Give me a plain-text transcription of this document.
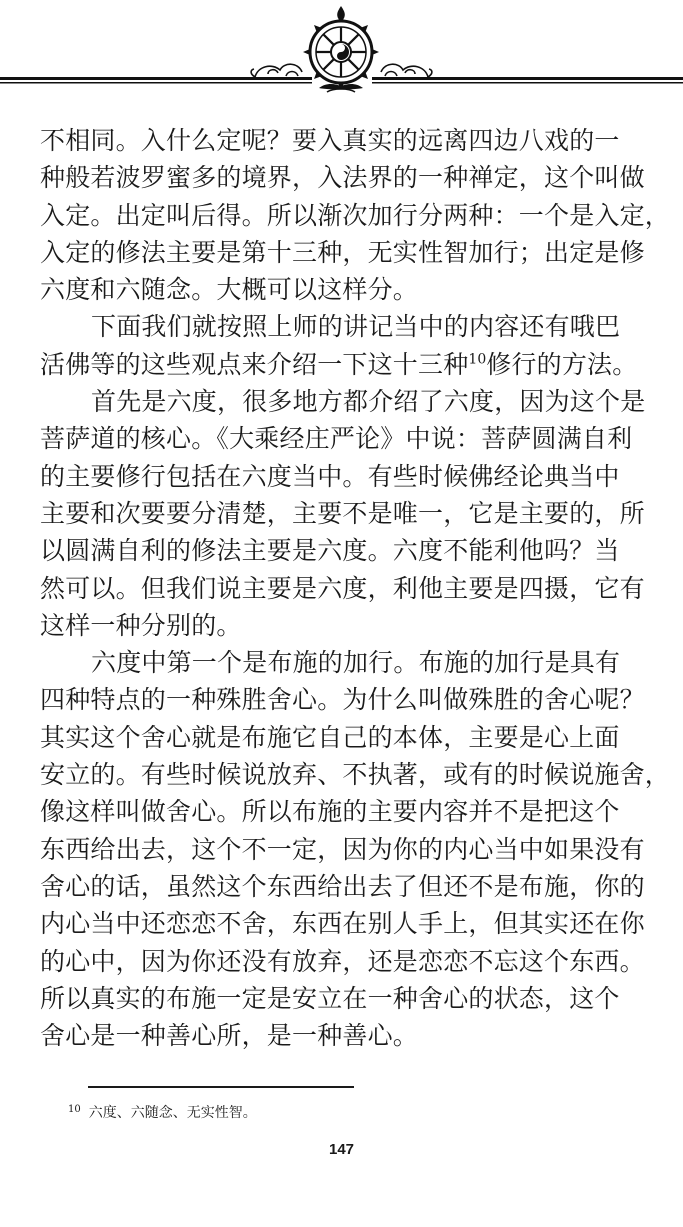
不相同。入什么定呢？要入真实的远离四边八戏的一
种般若波罗蜜多的境界，入法界的一种禅定，这个叫做
入定。出定叫后得。所以渐次加行分两种：一个是入定，
入定的修法主要是第十三种，无实性智加行；出定是修
六度和六随念。大概可以这样分。

下面我们就按照上师的讲记当中的内容还有哦巴
活佛等的这些观点来介绍一下这十三种$^{10}$修行的方法。

首先是六度，很多地方都介绍了六度，因为这个是
菩萨道的核心。《大乘经庄严论》中说：菩萨圆满自利
的主要修行包括在六度当中。有些时候佛经论典当中
主要和次要要分清楚，主要不是唯一，它是主要的，所
以圆满自利的修法主要是六度。六度不能利他吗？当
然可以。但我们说主要是六度，利他主要是四摄，它有
这样一种分别的。

六度中第一个是布施的加行。布施的加行是具有
四种特点的一种殊胜舍心。为什么叫做殊胜的舍心呢？
其实这个舍心就是布施它自己的本体，主要是心上面
安立的。有些时候说放弃、不执著，或有的时候说施舍，
像这样叫做舍心。所以布施的主要内容并不是把这个
东西给出去，这个不一定，因为你的内心当中如果没有
舍心的话，虽然这个东西给出去了但还不是布施，你的
内心当中还恋恋不舍，东西在别人手上，但其实还在你
的心中，因为你还没有放弃，还是恋恋不忘这个东西。
所以真实的布施一定是安立在一种舍心的状态，这个
舍心是一种善心所，是一种善心。

$^{10}$ 六度、六随念、无实性智。
147
